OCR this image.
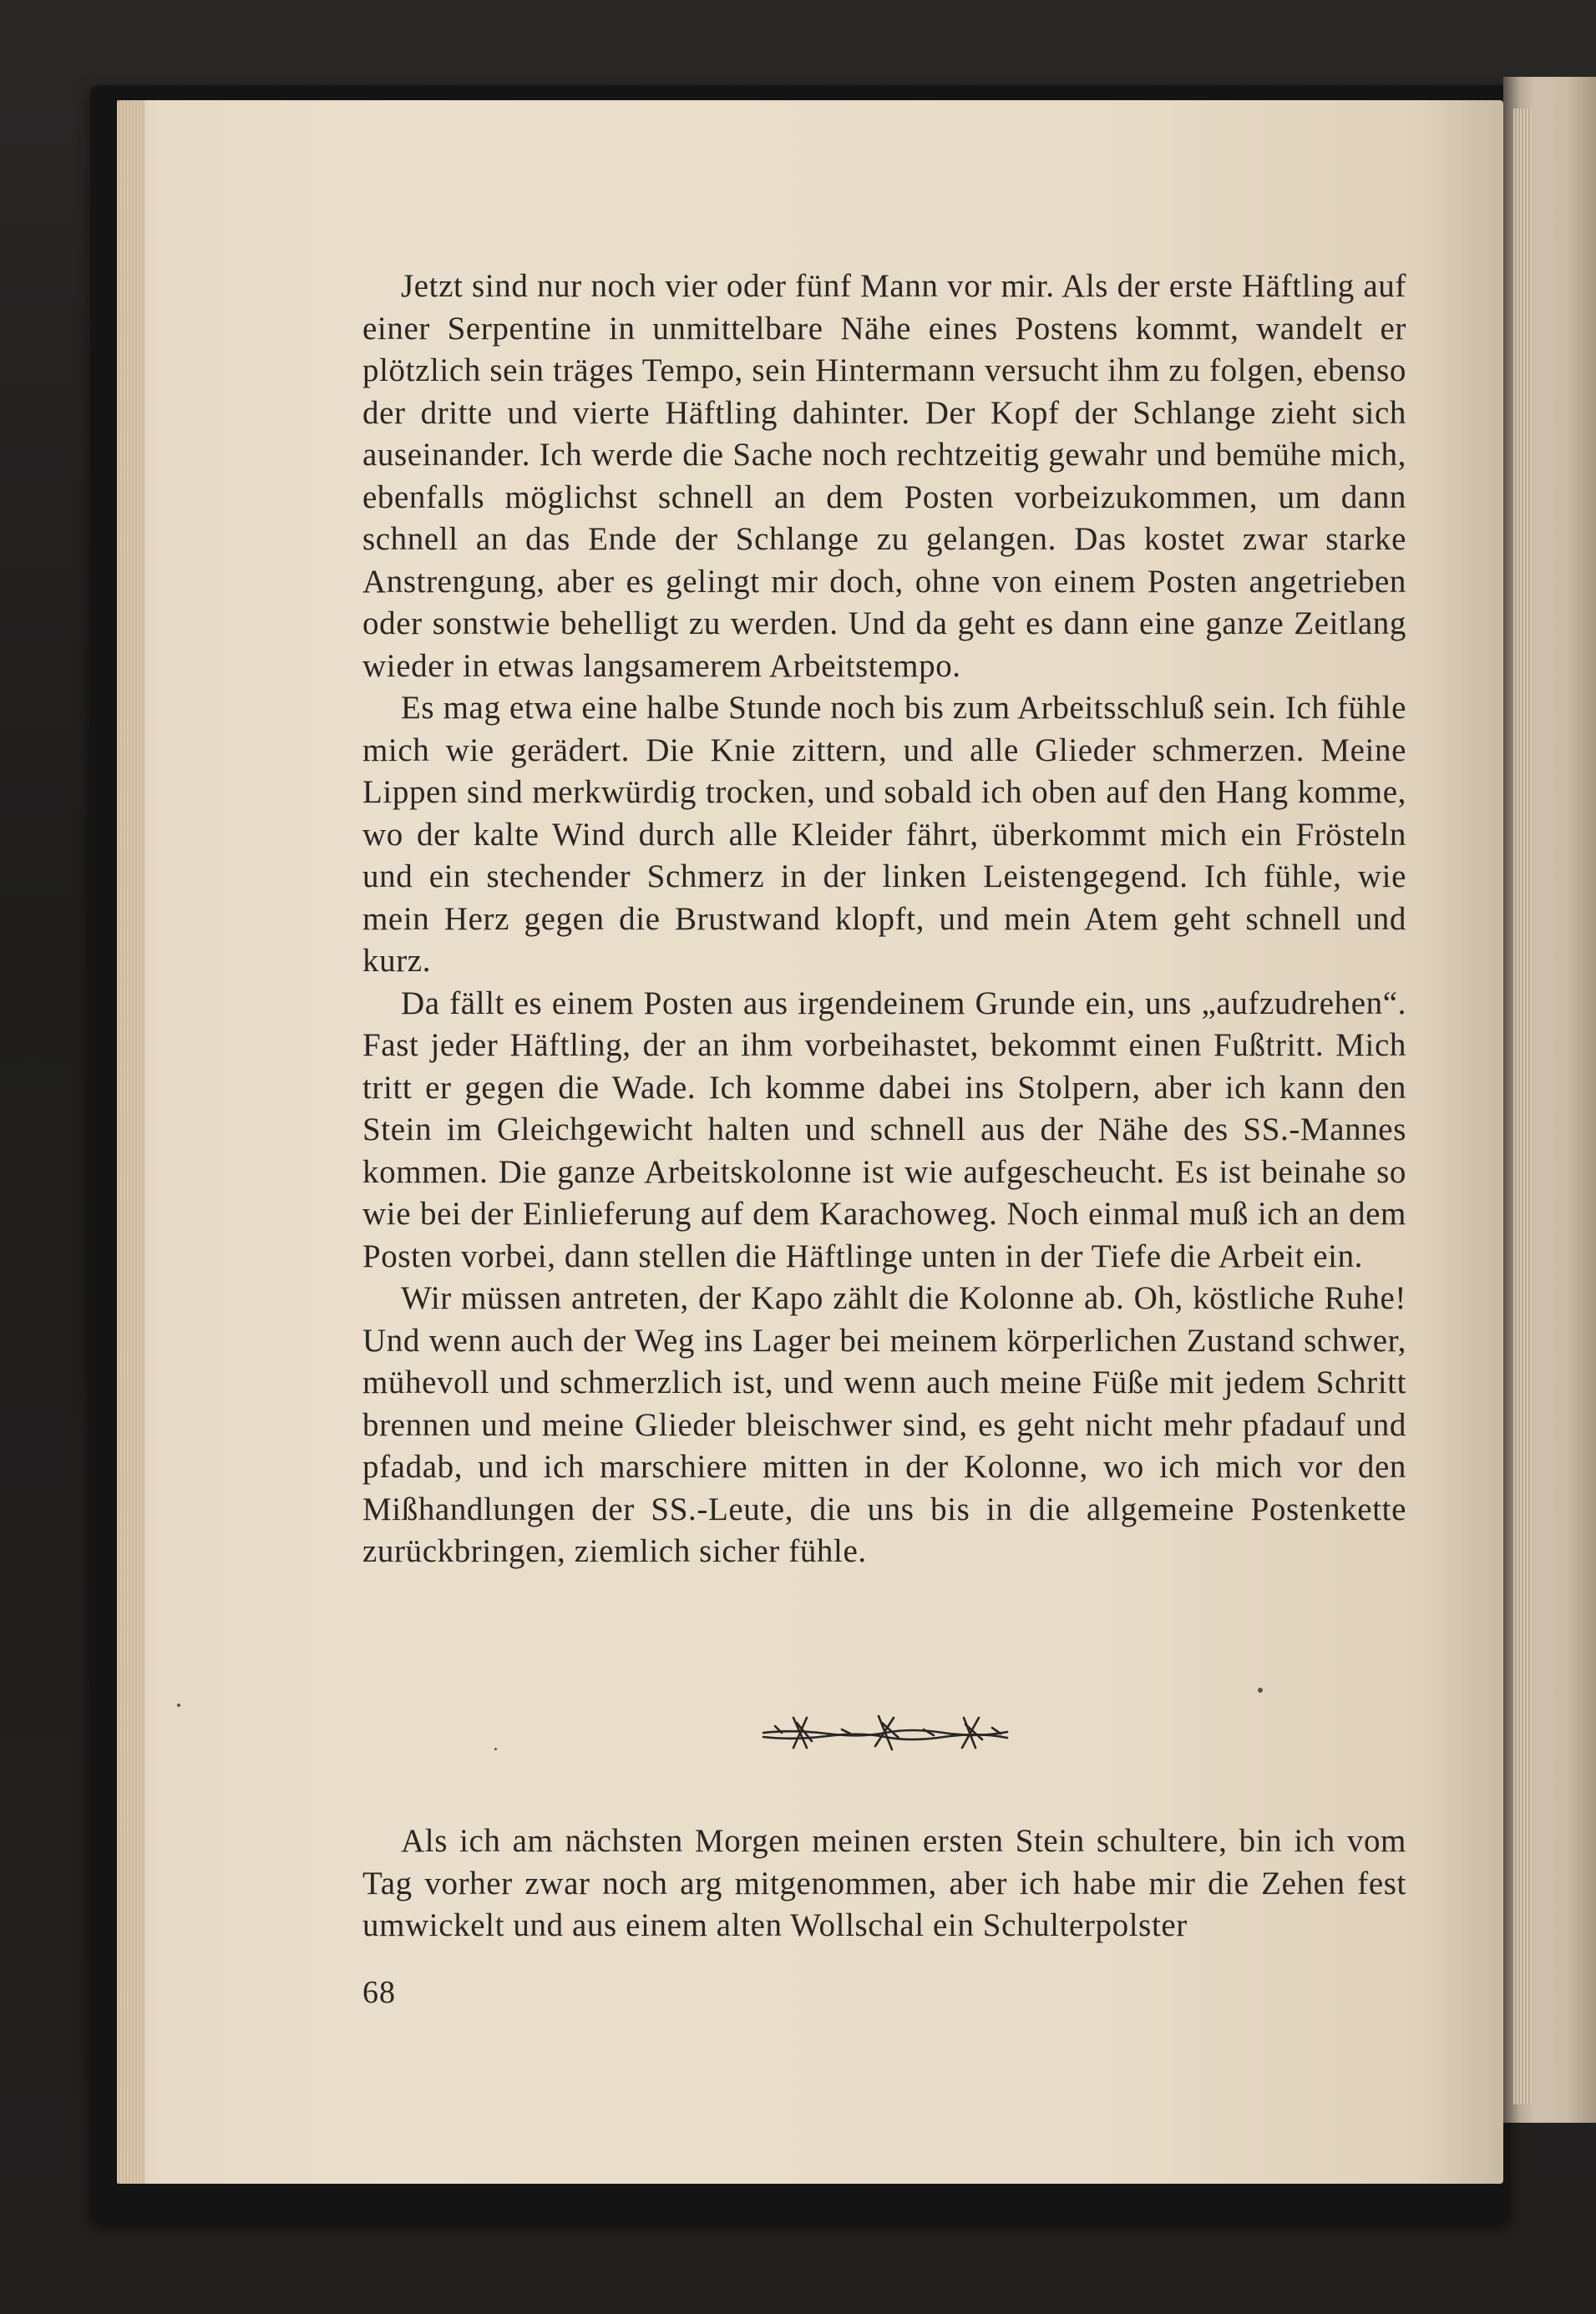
Jetzt sind nur noch vier oder fünf Mann vor mir. Als der erste Häftling auf einer Serpentine in unmittelbare Nähe eines Postens kommt, wandelt er plötzlich sein träges Tempo, sein Hintermann versucht ihm zu folgen, ebenso der dritte und vierte Häftling dahinter. Der Kopf der Schlange zieht sich auseinander. Ich werde die Sache noch rechtzeitig gewahr und bemühe mich, ebenfalls möglichst schnell an dem Posten vorbeizukommen, um dann schnell an das Ende der Schlange zu gelangen. Das kostet zwar starke Anstrengung, aber es gelingt mir doch, ohne von einem Posten angetrieben oder sonstwie behelligt zu werden. Und da geht es dann eine ganze Zeitlang wieder in etwas langsamerem Arbeitstempo.

Es mag etwa eine halbe Stunde noch bis zum Arbeitsschluß sein. Ich fühle mich wie gerädert. Die Knie zittern, und alle Glieder schmerzen. Meine Lippen sind merkwürdig trocken, und sobald ich oben auf den Hang komme, wo der kalte Wind durch alle Kleider fährt, überkommt mich ein Frösteln und ein stechender Schmerz in der linken Leistengegend. Ich fühle, wie mein Herz gegen die Brustwand klopft, und mein Atem geht schnell und kurz.

Da fällt es einem Posten aus irgendeinem Grunde ein, uns „aufzudrehen“. Fast jeder Häftling, der an ihm vorbeihastet, bekommt einen Fußtritt. Mich tritt er gegen die Wade. Ich komme dabei ins Stolpern, aber ich kann den Stein im Gleichgewicht halten und schnell aus der Nähe des SS.-Mannes kommen. Die ganze Arbeitskolonne ist wie aufgescheucht. Es ist beinahe so wie bei der Einlieferung auf dem Karachoweg. Noch einmal muß ich an dem Posten vorbei, dann stellen die Häftlinge unten in der Tiefe die Arbeit ein.

Wir müssen antreten, der Kapo zählt die Kolonne ab. Oh, köstliche Ruhe! Und wenn auch der Weg ins Lager bei meinem körperlichen Zustand schwer, mühevoll und schmerzlich ist, und wenn auch meine Füße mit jedem Schritt brennen und meine Glieder bleischwer sind, es geht nicht mehr pfadauf und pfadab, und ich marschiere mitten in der Kolonne, wo ich mich vor den Mißhandlungen der SS.-Leute, die uns bis in die allgemeine Postenkette zurückbringen, ziemlich sicher fühle.

Als ich am nächsten Morgen meinen ersten Stein schultere, bin ich vom Tag vorher zwar noch arg mitgenommen, aber ich habe mir die Zehen fest umwickelt und aus einem alten Wollschal ein Schulterpolster

68
